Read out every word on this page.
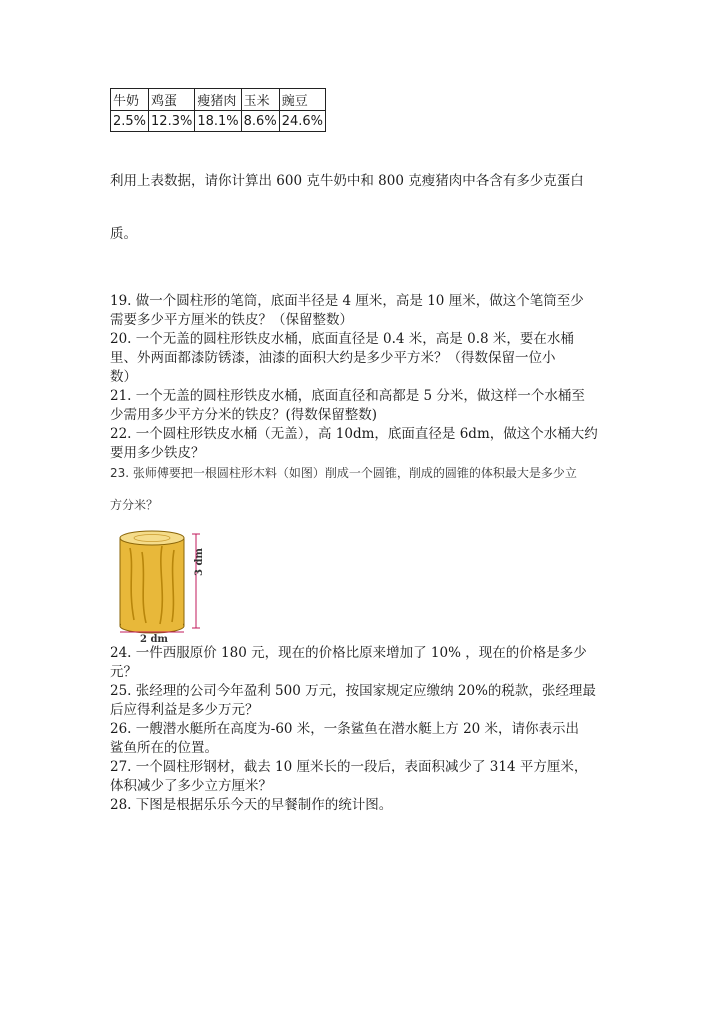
牛奶	鸡蛋	瘦猪肉	玉米	豌豆
2.5%	12.3%	18.1%	8.6%	24.6%
利用上表数据，请你计算出 600 克牛奶中和 800 克瘦猪肉中各含有多少克蛋白
质。
19. 做一个圆柱形的笔筒，底面半径是 4 厘米，高是 10 厘米，做这个笔筒至少
需要多少平方厘米的铁皮？（保留整数）
20. 一个无盖的圆柱形铁皮水桶，底面直径是 0.4 米，高是 0.8 米，要在水桶
里、外两面都漆防锈漆，油漆的面积大约是多少平方米？（得数保留一位小
数）
21. 一个无盖的圆柱形铁皮水桶，底面直径和高都是 5 分米，做这样一个水桶至
少需用多少平方分米的铁皮？(得数保留整数)
22. 一个圆柱形铁皮水桶（无盖），高 10dm，底面直径是 6dm，做这个水桶大约
要用多少铁皮？
23. 张师傅要把一根圆柱形木料（如图）削成一个圆锥，削成的圆锥的体积最大是多少立
方分米？
3 dm
2 dm
24. 一件西服原价 180 元，现在的价格比原来增加了 10% ，现在的价格是多少
元？
25. 张经理的公司今年盈利 500 万元，按国家规定应缴纳 20%的税款，张经理最
后应得利益是多少万元？
26. 一艘潜水艇所在高度为-60 米，一条鲨鱼在潜水艇上方 20 米，请你表示出
鲨鱼所在的位置。
27. 一个圆柱形钢材，截去 10 厘米长的一段后，表面积减少了 314 平方厘米，
体积减少了多少立方厘米？
28. 下图是根据乐乐今天的早餐制作的统计图。
